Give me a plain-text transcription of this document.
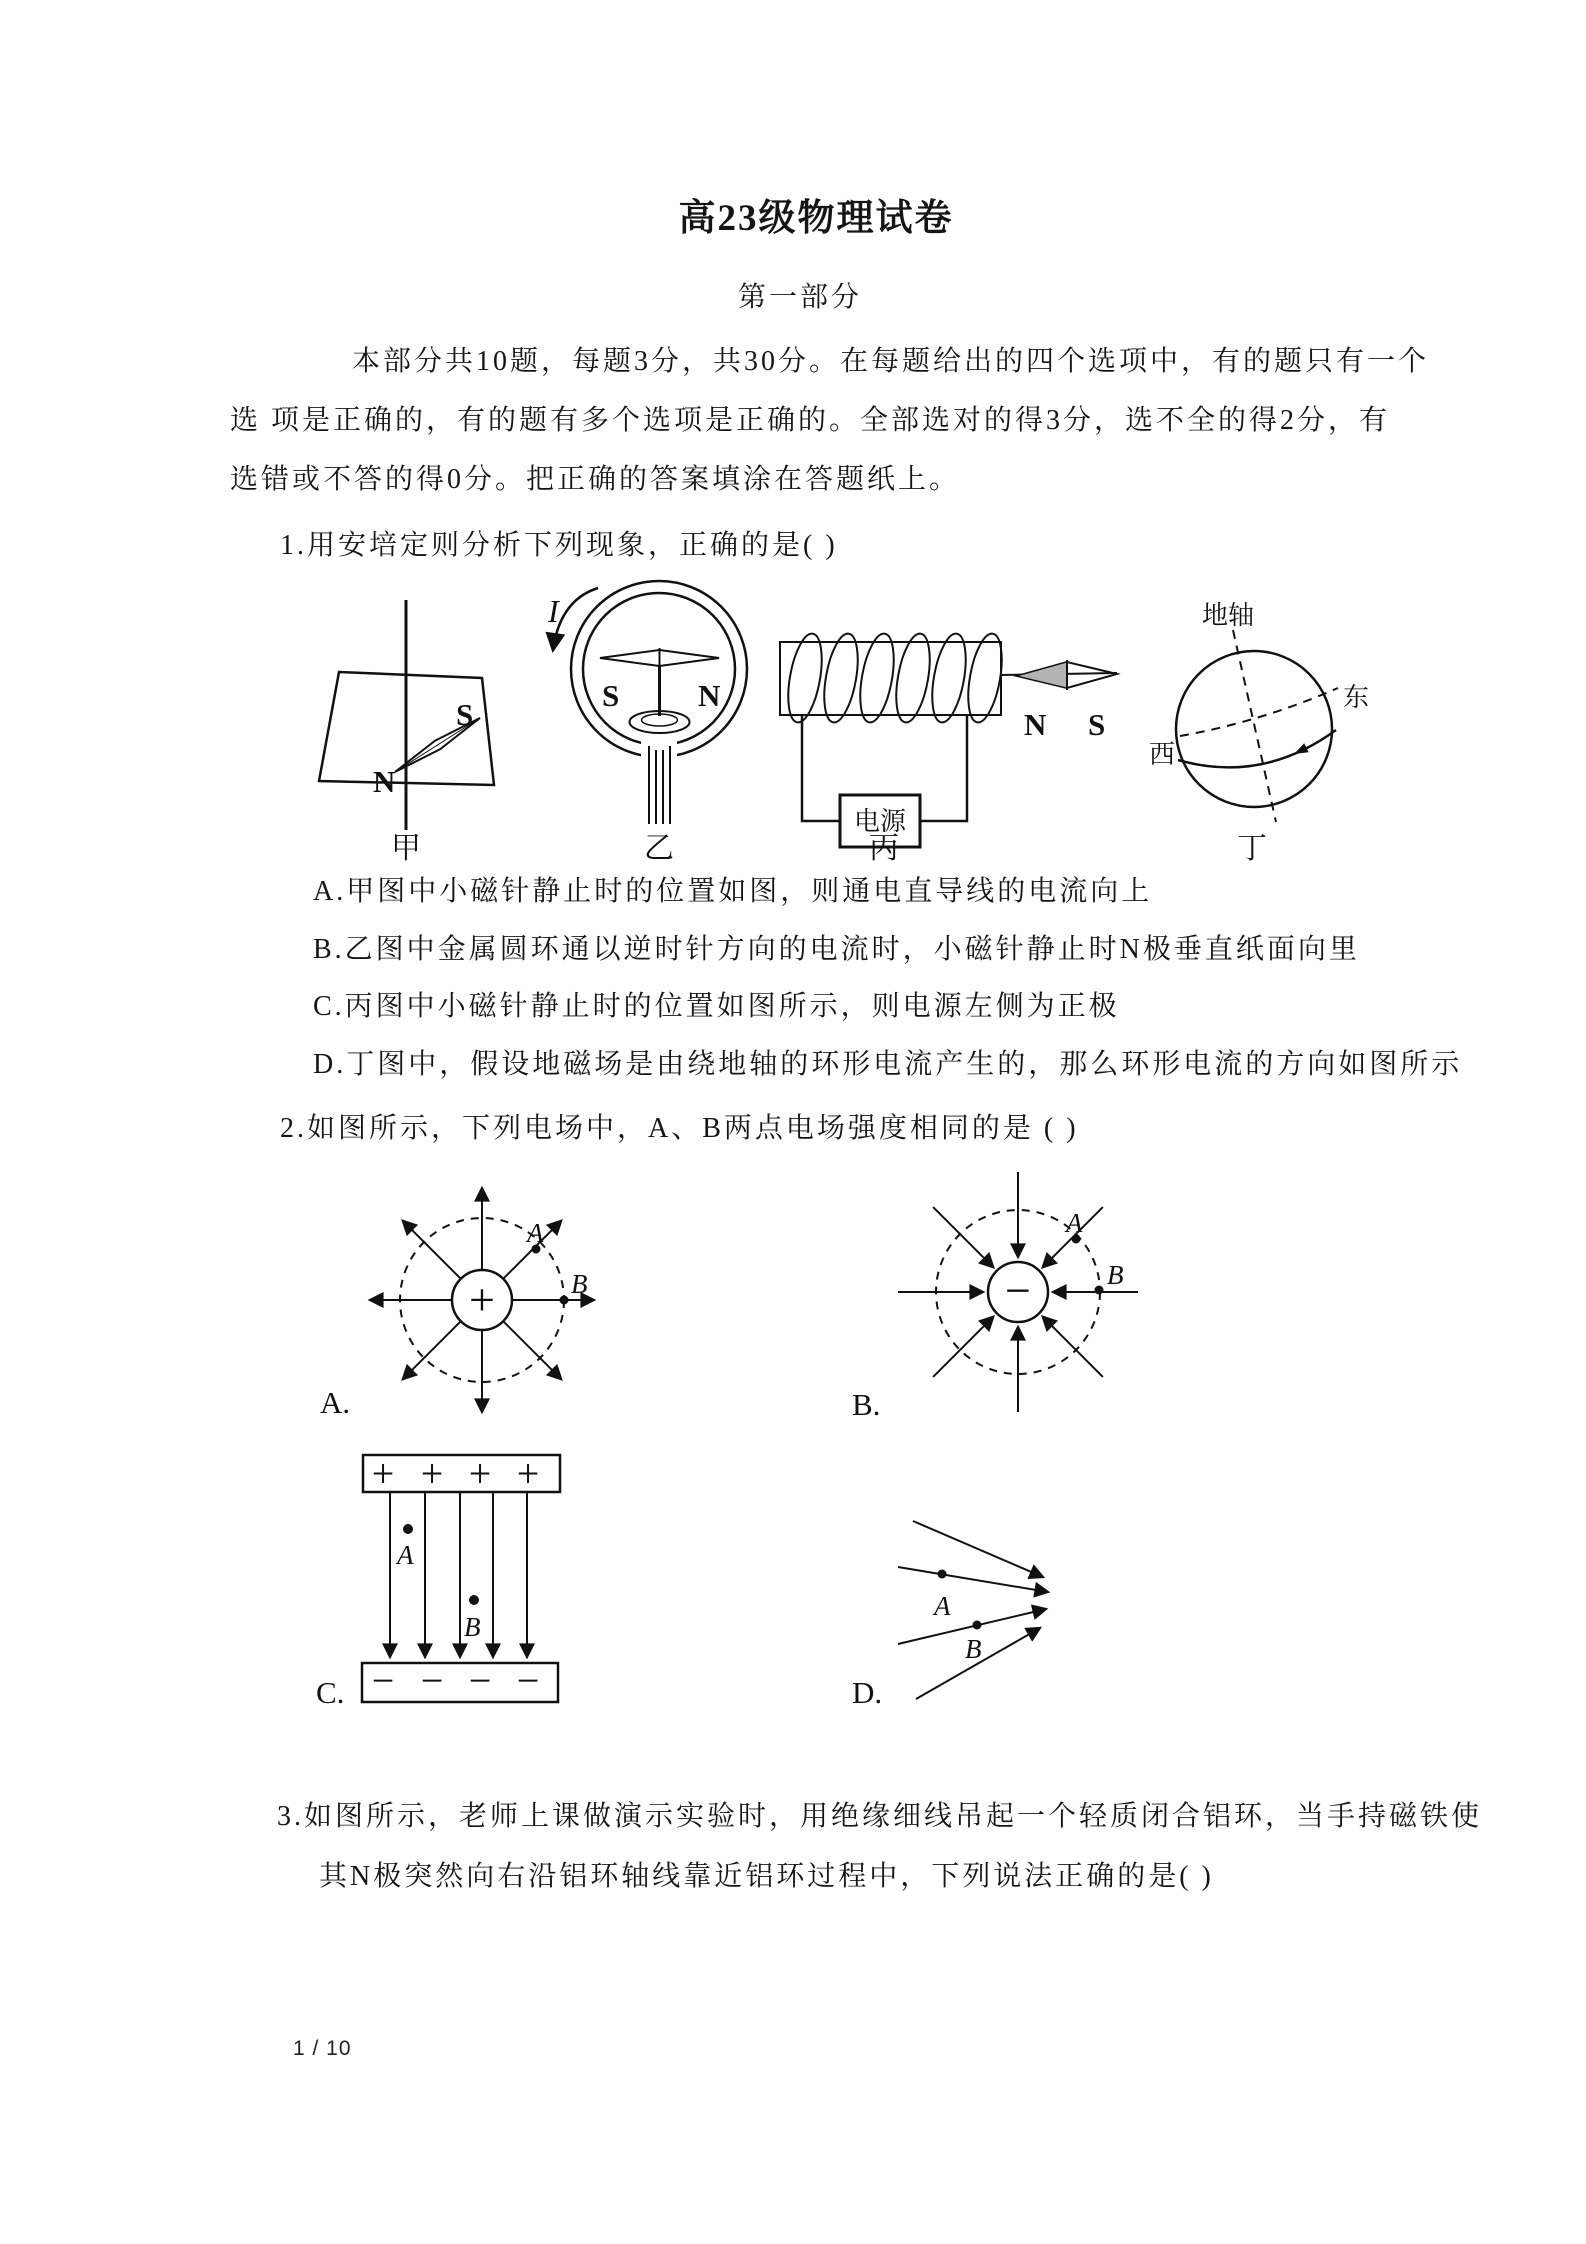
高23级物理试卷
第一部分
本部分共10题，每题3分，共30分。在每题给出的四个选项中，有的题只有一个
选 项是正确的，有的题有多个选项是正确的。全部选对的得3分，选不全的得2分，有
选错或不答的得0分。把正确的答案填涂在答题纸上。
1.用安培定则分析下列现象，正确的是( )
S
N
甲
I
S	N
乙
电源
N S
丙
地轴
东
西
丁
A.甲图中小磁针静止时的位置如图，则通电直导线的电流向上
B.乙图中金属圆环通以逆时针方向的电流时，小磁针静止时N极垂直纸面向里
C.丙图中小磁针静止时的位置如图所示，则电源左侧为正极
D.丁图中，假设地磁场是由绕地轴的环形电流产生的，那么环形电流的方向如图所示
2.如图所示，下列电场中，A、B两点电场强度相同的是 ( )
+
A
B
A.
−
A
B
B.
+ + + +
− − − −
A
B
C.
A
B
D.
3.如图所示，老师上课做演示实验时，用绝缘细线吊起一个轻质闭合铝环，当手持磁铁使
其N极突然向右沿铝环轴线靠近铝环过程中，下列说法正确的是( )
1 / 10
